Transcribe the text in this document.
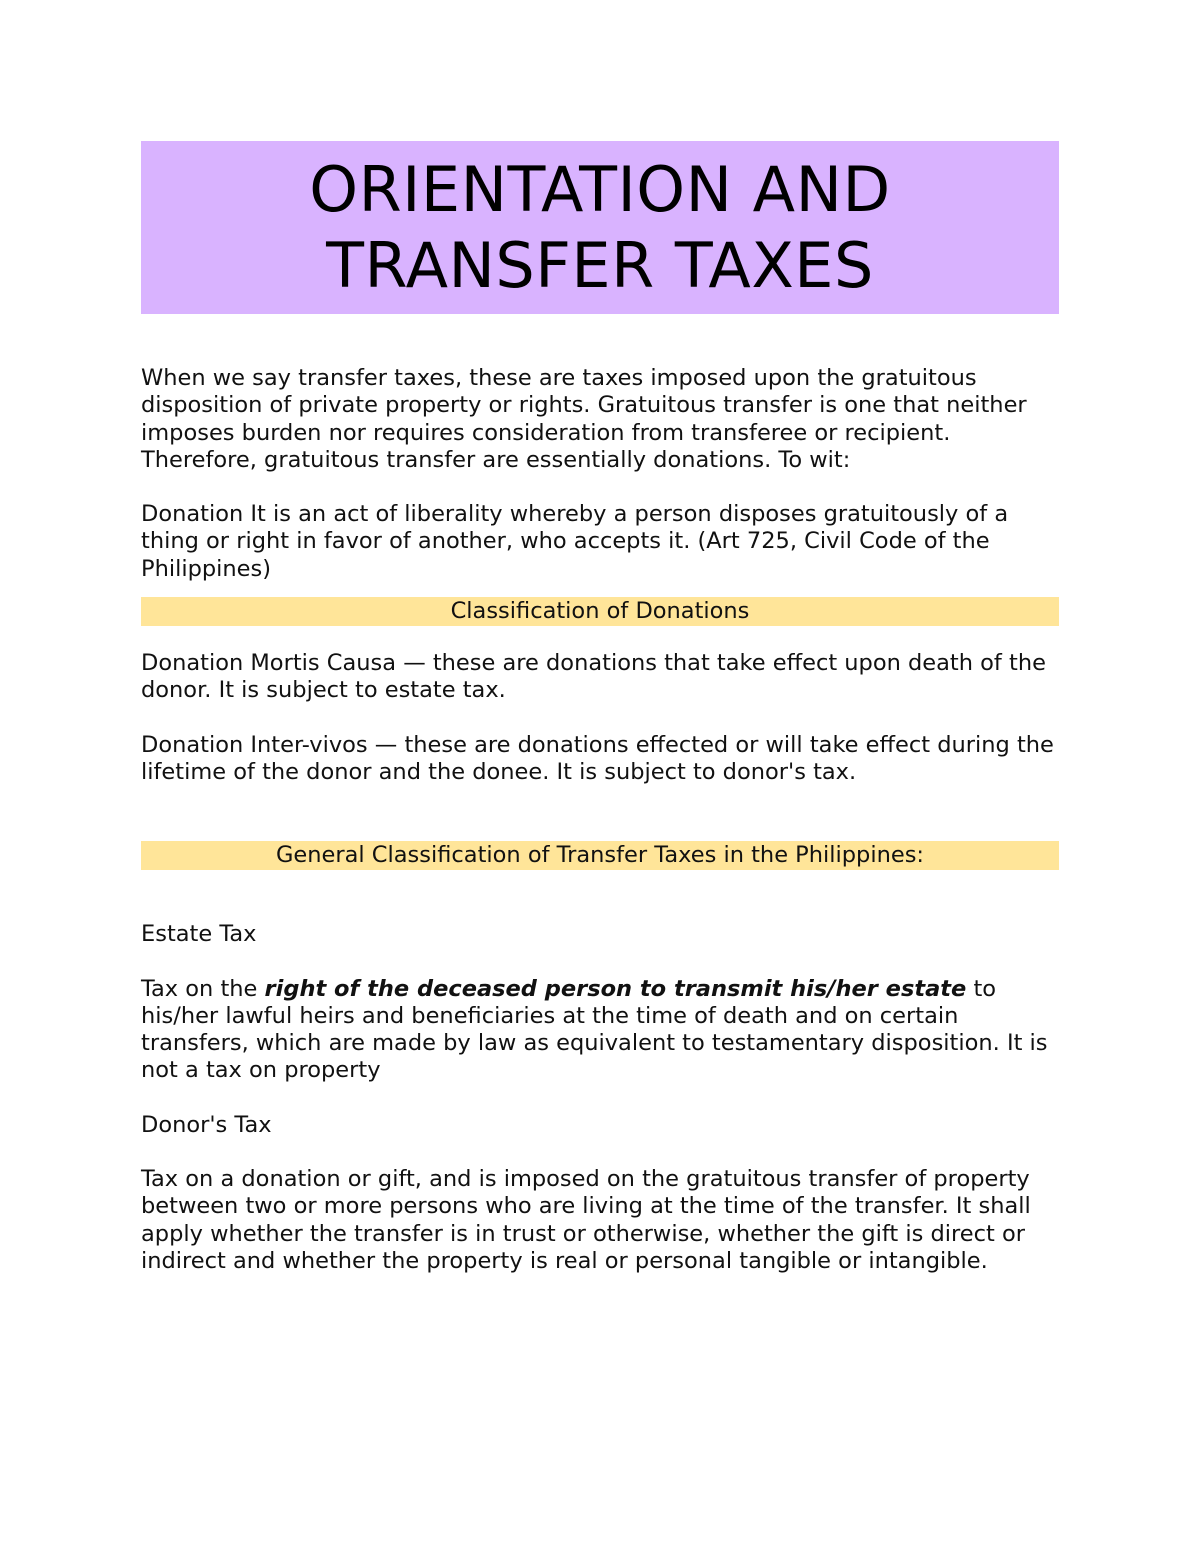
ORIENTATION AND
TRANSFER TAXES

When we say transfer taxes, these are taxes imposed upon the gratuitous disposition of private property or rights. Gratuitous transfer is one that neither imposes burden nor requires consideration from transferee or recipient. Therefore, gratuitous transfer are essentially donations. To wit:

Donation It is an act of liberality whereby a person disposes gratuitously of a thing or right in favor of another, who accepts it. (Art 725, Civil Code of the Philippines)

Classification of Donations

Donation Mortis Causa — these are donations that take effect upon death of the donor. It is subject to estate tax.

Donation Inter-vivos — these are donations effected or will take effect during the lifetime of the donor and the donee. It is subject to donor's tax.

General Classification of Transfer Taxes in the Philippines:

Estate Tax

Tax on the right of the deceased person to transmit his/her estate to his/her lawful heirs and beneficiaries at the time of death and on certain transfers, which are made by law as equivalent to testamentary disposition. It is not a tax on property

Donor's Tax

Tax on a donation or gift, and is imposed on the gratuitous transfer of property between two or more persons who are living at the time of the transfer. It shall apply whether the transfer is in trust or otherwise, whether the gift is direct or indirect and whether the property is real or personal tangible or intangible.
